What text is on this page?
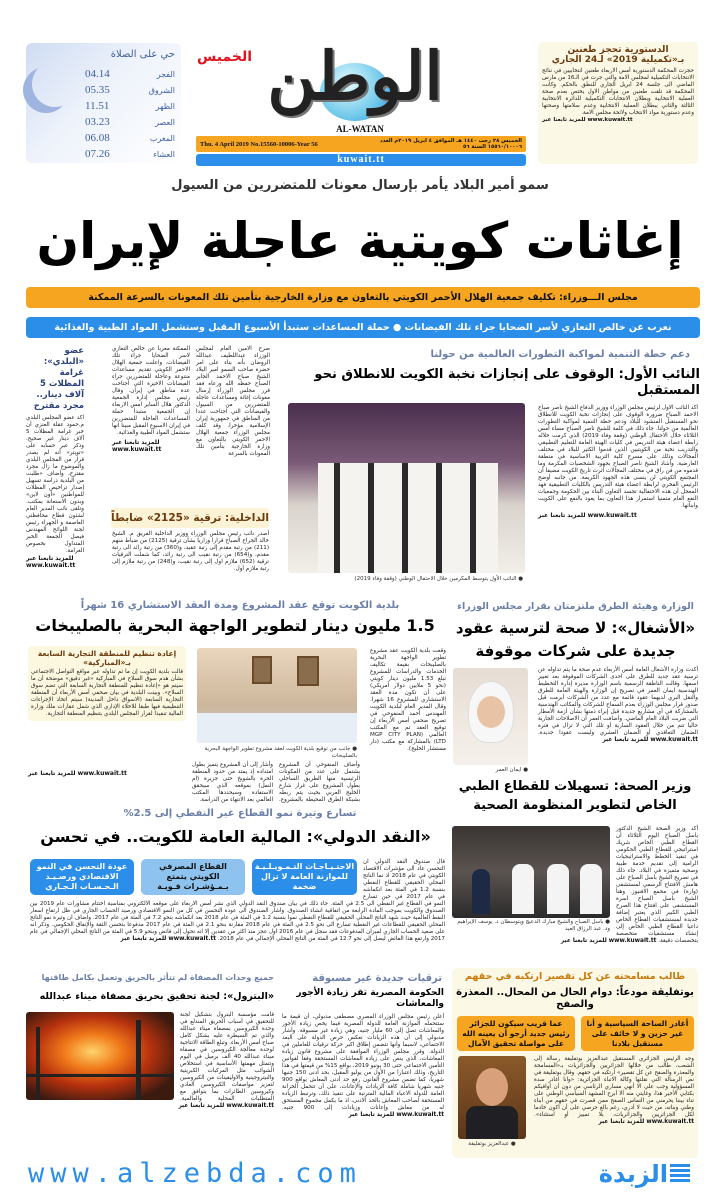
حي على الصلاة
04.14	الفجر
05.35	الشروق
11.51	الظهر
03.23	العصر
06.08	المغرب
07.26	العشاء
الوطن
الخميس
AL-WATAN
Thu. 4 April 2019 No.15560-10006-Year 56	الخميس ٢٨ رجب ١٤٤٠ هـ الموافق ٤ ابريل ٢٠١٩م العدد ١٥٥٦٠/١٠٠٠٦ السنة ٥٦
kuwait.tt
الدستورية تحجز طعنين
بـ«تكميلية 2019» لـ24 الجاري
حجزت المحكمة الدستورية أمس الاربعاء طعنين انتخابيين في نتائج الانتخابات التكميلية لمجلس الامة والتي جرت في الـ16 من مارس الماضي الى جلسة 24 ابريل الجاري للنطق بالحكم. وكانت المحكمة قد تلقت طعنين من مواطن الاول يختص بعدم صحة العملية الانتخابية وبطلان الانتخابات التكميلية للدائرة الانتخابية الثالثة والثاني ببطلان العملية الانتخابية وعدم سلامتها وصحتها وعدم دستورية مواد الانتخاب ولائحة مجلس الامة.
للمزيد تابعنا عبر www.kuwait.tt
سمو أمير البلاد يأمر بإرسال معونات للمتضررين من السيول
إغاثات كويتية عاجلة لإيران
مجلس الـــوزراء: تكليف جمعية الهلال الأحمر الكويتي بالتعاون مع وزارة الخارجية بتأمين تلك المعونات بالسرعة الممكنة
نعرب عن خالص التعازي لأسر الضحايا جراء تلك الفيضانات ● حملة المساعدات ستبدأ الأسبوع المقبل وستشمل المواد الطبية والغذائية
دعم خطة التنمية لمواكبة التطورات العالمية من حولنا
النائب الأول: الوقوف على إنجازات نخبة الكويت للانطلاق نحو المستقبل
● النائب الأول يتوسط المكرمين خلال الاحتفال الوطني (وقفة وفاء 2019)
اكد النائب الاول لرئيس مجلس الوزراء ووزير الدفاع الشيخ ناصر صباح الاحمد الصباح ضرورة الوقوف على إنجازات نخبة الكويت للانطلاق نحو المستقبل المنشود للبلاد ودعم خطة التنمية لمواكبة التطورات العالمية من حولنا. جاء ذلك في كلمة للشيخ ناصر الصباح مساء أمس الثلاثاء خلال الاحتفال الوطني (وقفة وفاء 2019) الذي كرمت خلاله رابطة اعضاء هيئة التدريس في كليات الهيئة العامة للتعليم التطبيقي والتدريب نخبة من الكويتيين الذين قدموا الكثير للبلاد في مختلف المجالات وذلك على مسرح كلية التربية الاساسية في منطقة العارضية. وأشاد الشيخ ناصر الصباح بجهود الشخصيات المكرمة وما قدموه من فن راق في مختلف المجالات أثرت تاريخ الكويت مضيفا أن المجتمع الكويتي لن ينسى هذه الجهود الكريمة. من جانبه أوضح الرئيس الفخري لرابطة اعضاء هيئة التدريس بالكليات التطبيقية فهد المعجل أن هذه الاحتفالية تجسد التعاون البناء بين الحكومة وجمعيات النفع العام متمنيا استمرار هذا التعاون بما يعود بالنفع على الكويت وابنائها.
للمزيد تابعنا عبر www.kuwait.tt
صرح الامين العام لمجلس الوزراء عبداللطيف عبدالله الروضان بأنه بناء على امر حضرة صاحب السمو امير البلاد الشيخ صباح الاحمد الجابر الصباح حفظه الله ورعاه فقد قرر مجلس الوزراء إرسال معونات إغاثة ومساعدات عاجلة للمتضررين من السيول والفيضانات التي اجتاحت عددا من المناطق في جمهورية إيران الإسلامية مؤخرا. وقد كلف مجلس الوزراء جمعية الهلال الاحمر الكويتي بالتعاون مع وزارة الخارجية بتأمين تلك المعونات بالسرعة
الممكنة معربا عن خالص التعازي لاسر الضحايا جراء تلك الفيضانات. واعلنت جمعية الهلال الاحمر الكويتي تقديم مساعدات متنوعة وعاجلة للمتضررين جراء الفيضانات الاخيرة التي اجتاحت عدة مناطق في إيران. وقال رئيس مجلس إدارة الجمعية الدكتور هلال الساير امس الاربعاء إن الجمعية ستبدأ حملة المساعدات العاجلة للمتضررين في إيران الاسبوع المقبل مبينا انها ستشمل المواد الطبية والغذائية.
للمزيد تابعنا عبر www.kuwait.tt
الداخلية: ترقية «2125» ضابطاً
أصدر نائب رئيس مجلس الوزراء ووزير الداخلية الفريق م. الشيخ خالد الجراح الصباح قرارا وزاريا بشأن ترقية (2125) من ضباط منهم (211) من رتبة مقدم إلى رتبة عقيد، و(360) من رتبة رائد الى رتبة مقدم، و(654) من رتبة نقيب الى رتبة رائد، كما شملت الترقيات ترقية (652) ملازم اول إلى رتبة نقيب، و(248) من رتبة ملازم إلى رتبة ملازم أول.
عضو «البلدي»: غرامة المظلات 5 آلاف دينار.. مجرد مقترح
اكد عضو المجلس البلدي م.حمود عقلة العنزي أن خبر غرامة المظلات 5 آلاف دينار غير صحيح. وذكر عبر حسابه على «تويتر» أنه لم يصدر قرار من المجلس البلدي والموضوع ما زال مجرد مقترح، وأضاف «طلبت من البلدية دراسة تسهيل إصدار تراخيص المظلات للمواطنين «أون لاين» وبدون الاستعانة بمكتب. وتلقى نائب المدير العام لشئون قطاع محافظتي العاصمة و الجهراء رئيس لجنة اللوائح المهندس فيصل الجمعة الخبر المتداول بخصوص الغرامة.
للمزيد تابعنا عبر www.kuwait.tt
الوزارة وهيئة الطرق ملتزمتان بقرار مجلس الوزراء
«الأشغال»: لا صحة لترسية عقود
جديدة على شركات موقوفة
● ايمان العمر
أكدت وزارة الأشغال العامة أمس الأربعاء عدم صحة ما يتم تداوله عن ترسية عقد جديد للطرق على احدى الشركات الموقوفة بعد تغيير اسمها. وقالت الناطقة الرسمية باسم الوزارة مديرة إدارة التخطيط الهندسية ايمان العمر في تصريح إن الوزارة والهيئة العامة للطرق والنقل البري لديهما عقود قائمة مع عدد من الشركات أبرمت قبل صدور قرار مجلس الوزراء بعدم السماح للشركات والمكاتب الهندسية بالمشاركة في أي مشاريع جديدة قبل إبراء ذمتها بشأن أزمة الأمطار التي ضربت البلاد العام الماضي. وأضافت العمر أن الاصلاحات الجارية حاليا تتم من خلال العقود السارية أو تلك التي لا تزال في فترة الضمان التعاقدي أو الضمان العشري وليست عقودا جديدة. للمزيد تابعنا عبر www.kuwait.tt
بلدية الكويت توقع عقد المشروع ومدة العقد الاستشاري 16 شهراً
1.5 مليون دينار لتطوير الواجهة البحرية بالصليبخات
إعادة تنظيم للمنطقة التجارية السابعة بـ«المباركية»
قالت بلدية الكويت إن ما تم تداوله عبر مواقع التواصل الاجتماعي بشأن هدم سوق السلاح في المباركية «غير دقيق» موضحة أن ما سيتم هو «إعادة تنظيم للمنطقة التجارية السابعة التي تضم سوق السلاح». وبينت البلدية في بيان صحفي أمس الأربعاء أن المنطقة التجارية السابعة (الاسواق داخل المدينة) سيتم اتخاذ الإجراءات التنظيمية فيها طبقا للاخلاء الإداري الذي شمل عقارات ملك وزارة المالية تنفيذا لقرار المجلس البلدي بتنظيم المنطقة التجارية.
● جانب من توقيع بلدية الكويت لعقد مشروع تطوير الواجهة البحرية بالصليبخات
وقعت بلدية الكويت عقد مشروع تطوير الواجهة البحرية بالصليبخات بقيمة تكاليف الخدمات والدراسات للمشروع تبلغ 1.53 مليون دينار كويتي (نحو 5 ملايين دولار امريكي) على أن تكون مدة العقد الاستشاري للمشروع 16 شهرا. وقال المدير العام لبلدية الكويت المهندس أحمد المنفوحي في تصريح صحفي أمس الأربعاء إن توقيع العقد تم مع المكتب العالمي (MGP CITY PLAN LTD) بالمشاركة مع مكتب (دار مستشار الخليج).
وأضاف المنفوحي أن المشروع يشتمل على عدد من المكونات الرئيسية منها الطريق الساحلي بطول المشروع على غرار شارع الخليج العربي بحيث يتم ربطه بشبكة الطرق المحيطة بالمشروع. وأشار إلى أن المشروع يتميز بطول امتداده إذ يمتد من حدود المنطقة الحرة بالشويخ حتى جزيرة (ام النمل) بموقعه الذي سيحقق الاستفادة وسيحددها المكتب العالمي بعد الانتهاء من الدراسة.
للمزيد تابعنا عبر www.kuwait.tt
وزير الصحة: تسهيلات للقطاع الطبي
الخاص لتطوير المنظومة الصحية
● باسل الصباح والشيخ مبارك الدعيج ويتوسطان د. يوسف الإبراهيم ود. عبد الرزاق العيد
أكد وزير الصحة الشيخ الدكتور باسل الصباح اليوم الثلاثاء أن القطاع الطبي الخاص شريك استراتيجي للقطاع الطبي الحكومي في تنفيذ الخطط والاستراتيجيات الرامية إلى تقديم خدمة طبية وصحية متميزة في البلاد. جاء ذلك في تصريح الشيخ باسل الصباح على هامش الافتتاح الرسمي لمستشفى (وارة) في مجمع الافنيوز. وهنأ الشيخ باسل الصباح اسرة المستشفى على افتتاح هذا الصرح الطبي الكبير الذي يعتبر إضافة جديدة لمستشفيات القطاع الخاص داعيا القطاع الطبي الخاص إلى إنشاء مستشفيات متخصصة بتخصصات دقيقة. للمزيد تابعنا عبر www.kuwait.tt
تسارع وتيرة نمو القطاع غير النفطي إلى 2.5%
«النقد الدولي»: المالية العامة للكويت.. في تحسن
الاحتـيـاجـات التـمـويـلـيـة للموازنة العامة لا تزال ضخمة
القطاع المصرفي الكويتي يتمتع بـمـؤشـرات قـويـة
عودة التحسن في النمو الاقتصادي ورصـيـد الـحـسـاب الـجـاري
قال صندوق النقد الدولي ان التحسن عاد الى مؤشرات الاقتصاد الكويتي في عام 2018 اذ نما الناتج المحلي الحقيقي للقطاع النفطي بنسبة 1.2 في المئة بعد انكماشه في عام 2017 في حين تسارع النمو في القطاع غير النفطي الى 2.5 في المئة. جاء ذلك في بيان صندوق النقد الدولي الذي نشر أمس الاربعاء على موقعه الالكتروني بمناسبة اختتام مشاورات عام 2019 بين الصندوق والكويت بموجب المادة الرابعة من اتفاقية انشاء الصندوق. واشار الصندوق الى عودة التحسن في كل من النمو الاقتصادي ورصيد الحساب الجاري في ظل ارتفاع اسعار النفط العالمية حيث شهد الناتج المحلي الحقيقي للقطاع النفطي نموا بنسبة 1.2 في المئة في عام 2018 بعد انكماشه بنحو 7.2 في المئة في عام 2017. واضاف ان وتيرة نمو الناتج المحلي الحقيقي للقطاعات غير النفطية تسارع الى نحو 2.5 في المئة في عام 2018 مقارنة بنحو 2.1 في المئة في عام 2017 مدفوعا بتحسن الثقة والإنفاق الحكومي. وذكر انه على صعيد الحساب الجاري لميزان المدفوعات فقد سجل في عام 2016 اول عجز منذ اكثر من عقدين إلا انه تحول إلى فائض وبنحو 5.9 في المئة من الناتج المحلي الإجمالي في عام 2017 وارتفع هذا الفائض ليصل إلى نحو 12.7 في المئة من الناتج المحلي الإجمالي في عام 2018. للمزيد تابعنا عبر www.kuwait.tt
طالب مسامحته عن كل تقصير ارتكبه في حقهم
بوتفليقة مودعاً: دوام الحال من المحال.. المعذرة والصفح
أغادر الساحة السياسية و أنا غير حزين و لا خائف على مستقبل بلادنا
عما قريب سيكون للجزائر رئيس جديد أرجو أن يعينه الله على مواصلة تحقيق الآمال
● عبدالعزيز بوتفليقة
وجه الرئيس الجزائري المستقيل عبدالعزيز بوتفليقة رسالة إلى الشعب، طالب من خلالها الجزائريين والجزائريات بـ«المسامحة والمعذرة والصفح عن كل تقصير» ارتكبه في حقهم. وقال بوتفليقة في نص الرسالة التي نقلتها وكالة الانباء الجزائرية: «وانا اغادر سدة المسؤولية وجب علي الا أنهي مساري الرئاسي من دون أن أوافيكم بكتابي الأخير هذا، وغايتي منه ألا أبرح المشهد السياسي الوطني على تناء بيننا يحرمني من التماس الصفح ممن قصرت في حقهم من أبناء وطني وبناته، من حيث لا أدري، رغم بالغ حرصي على أن أكون خادما لكل الجزائريين والجزائريات، بلا تمييز أو استثناء». للمزيد تابعنا عبر www.kuwait.tt
ترقيات جديدة غير مسبوقة
الحكومة المصرية تقر زيادة الأجور والمعاشات
أعلن رئيس مجلس الوزراء المصري مصطفى مدبولي، أن قيمة ما ستتحمله الموازنة العامة للدولة المصرية فيما يخص زيادة الأجور والمعاشات تصل إلى 60 مليار جنيه، وهي زيادة غير مسبوقة. وأشار مدبولي إلى أن هذه الزيادات تعكس حرص الدولة على البعد الاجتماعي، لاسيما وأنها تتضمن إطلاق اكبر حركة ترقيات للعاملين في الدولة. وقرر مجلس الوزراء الموافقة على مشروع قانون زيادة المعاشات، الذي ينص على زيادة المعاشات المستحقة وفقا لقوانين التأمين الاجتماعي حتى 30 يونيو 2019، بواقع 15% من قيمتها في هذا التاريخ، وذلك اعتبارا من الأول من يوليو المقبل، بحد ادنى 150 جنيها شهريا، كما تضمن مشروع القانون رفع حد أدنى المعاش بواقع 900 جنيه شهريا شاملة كافة الزيادات والإعانات، على أن تتحمل الخزانة العامة للدولة الاعباء المالية المترتبة على تنفيذ ذلك، وترتبط الزيادة المستحقة لصاحب المعاش بالحد الادنى، اذ ما يكمل مجموع المستحق له من معاش وإعانات وزيادات إلى 900 جنيه. للمزيد تابعنا عبر www.kuwait.tt
جميع وحدات المصفاة لم تتأثر بالحريق وتعمل بكامل طاقتها
«البترول»: لجنة تحقيق بحريق مصفاة ميناء عبدالله
قامت مؤسسة البترول بتشكيل لجنة للتحقيق في أسباب الحريق المندلع في وحدة الكيروسين بمصفاة ميناء عبدالله والذي تم السيطرة عليه بشكل كامل صباح أمس الأربعاء. وتبلغ الطاقة الانتاجية لوحدة معالجة الكيروسين في مصفاة ميناء عبدالله 40 ألف برميل في اليوم وتتمثل مهمتها الأساسية في استخلاص الشوائب مثل المركبات الكبريتية والنيتروجينية والاوليفينات من الكيروسين لتعزيز مواصفات الكيروسين العادي وكيروسين الطائرات بما يتوافق مع المتطلبات المحلية والعالمية. للمزيد تابعنا عبر www.kuwait.tt
www.alzebda.com	الزبدة
